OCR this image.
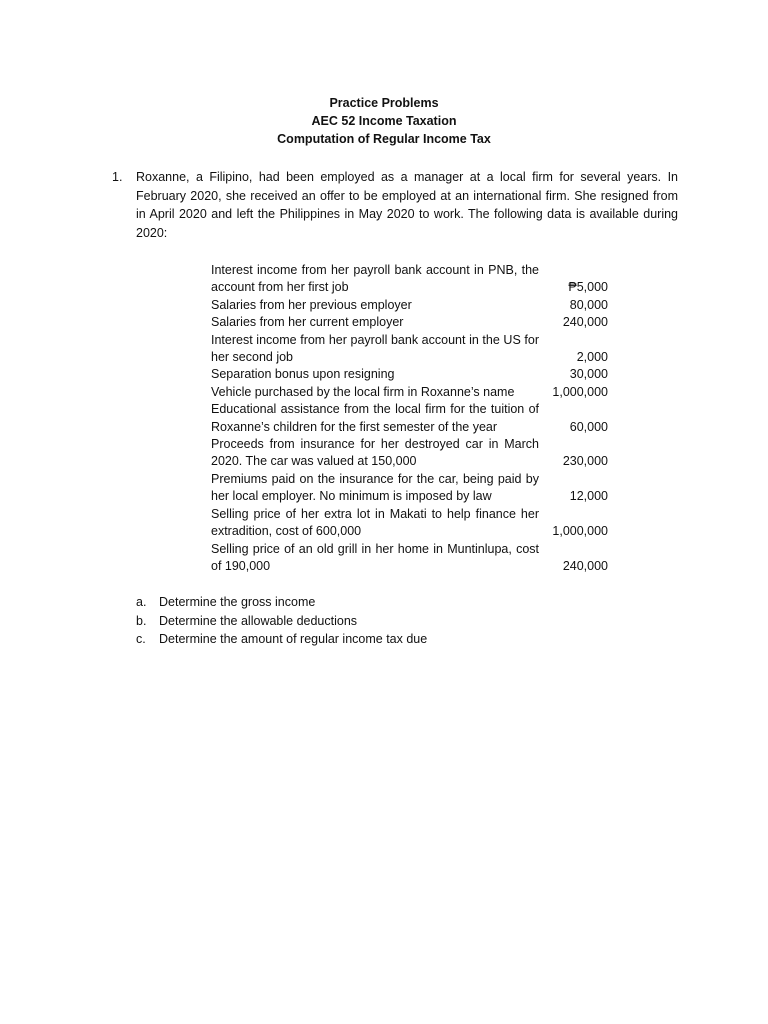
Practice Problems
AEC 52 Income Taxation
Computation of Regular Income Tax
1. Roxanne, a Filipino, had been employed as a manager at a local firm for several years. In February 2020, she received an offer to be employed at an international firm. She resigned from in April 2020 and left the Philippines in May 2020 to work. The following data is available during 2020:
Interest income from her payroll bank account in PNB, the account from her first job	₱5,000
Salaries from her previous employer	80,000
Salaries from her current employer	240,000
Interest income from her payroll bank account in the US for her second job	2,000
Separation bonus upon resigning	30,000
Vehicle purchased by the local firm in Roxanne’s name	1,000,000
Educational assistance from the local firm for the tuition of Roxanne’s children for the first semester of the year	60,000
Proceeds from insurance for her destroyed car in March 2020. The car was valued at 150,000	230,000
Premiums paid on the insurance for the car, being paid by her local employer. No minimum is imposed by law	12,000
Selling price of her extra lot in Makati to help finance her extradition, cost of 600,000	1,000,000
Selling price of an old grill in her home in Muntinlupa, cost of 190,000	240,000
a. Determine the gross income
b. Determine the allowable deductions
c. Determine the amount of regular income tax due
